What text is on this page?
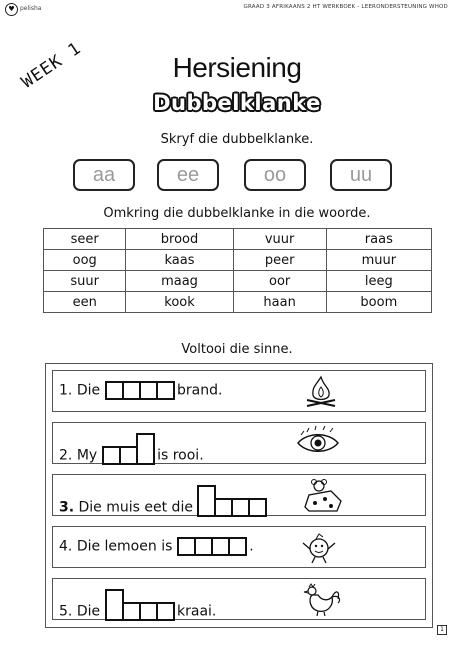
♥ pelisha	GRAAD 3 AFRIKAANS 2 HT WERKBOEK - LEERONDERSTEUNING WHOD
WEEK 1	Hersiening
Dubbelklanke
Skryf die dubbelklanke.
aa	ee	oo	uu
Omkring die dubbelklanke in die woorde.
seer	brood	vuur	raas
oog	kaas	peer	muur
suur	maag	oor	leeg
een	kook	haan	boom
Voltooi die sinne.
1. Die	brand.
2. My	is rooi.
3. Die muis eet die
4. Die lemoen is	.
5. Die	kraai.
1
